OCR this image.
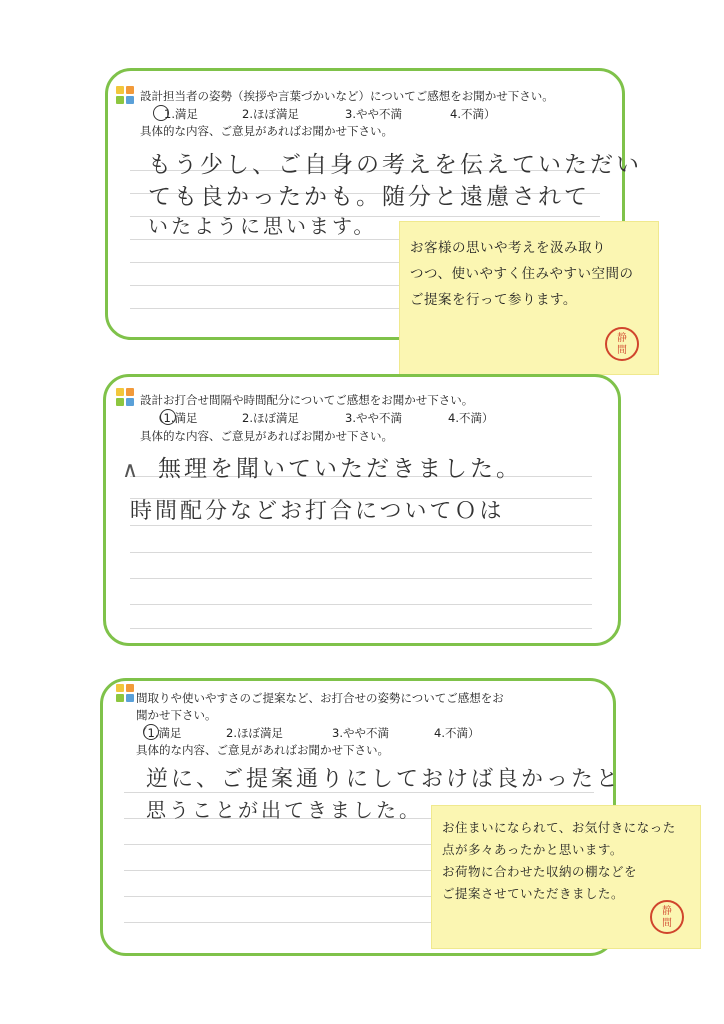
設計担当者の姿勢（挨拶や言葉づかいなど）についてご感想をお聞かせ下さい。
1.満足	2.ほぼ満足	3.やや不満	4.不満）
具体的な内容、ご意見があればお聞かせ下さい。
もう少し、ご自身の考えを伝えていただい
ても良かったかも。随分と遠慮されて
いたように思います。
お客様の思いや考えを汲み取り
つつ、使いやすく住みやすい空間の
ご提案を行って参ります。
静間
設計お打合せ間隔や時間配分についてご感想をお聞かせ下さい。
（1.満足	2.ほぼ満足	3.やや不満	4.不満）
具体的な内容、ご意見があればお聞かせ下さい。
∧ 無理を聞いていただきました。
時間配分などお打合についてＯは
間取りや使いやすさのご提案など、お打合せの姿勢についてご感想をお
聞かせ下さい。
（1.満足	2.ほぼ満足	3.やや不満	4.不満）
具体的な内容、ご意見があればお聞かせ下さい。
逆に、ご提案通りにしておけば良かったと
思うことが出てきました。
お住まいになられて、お気付きになった
点が多々あったかと思います。
お荷物に合わせた収納の棚などを
ご提案させていただきました。
静間
